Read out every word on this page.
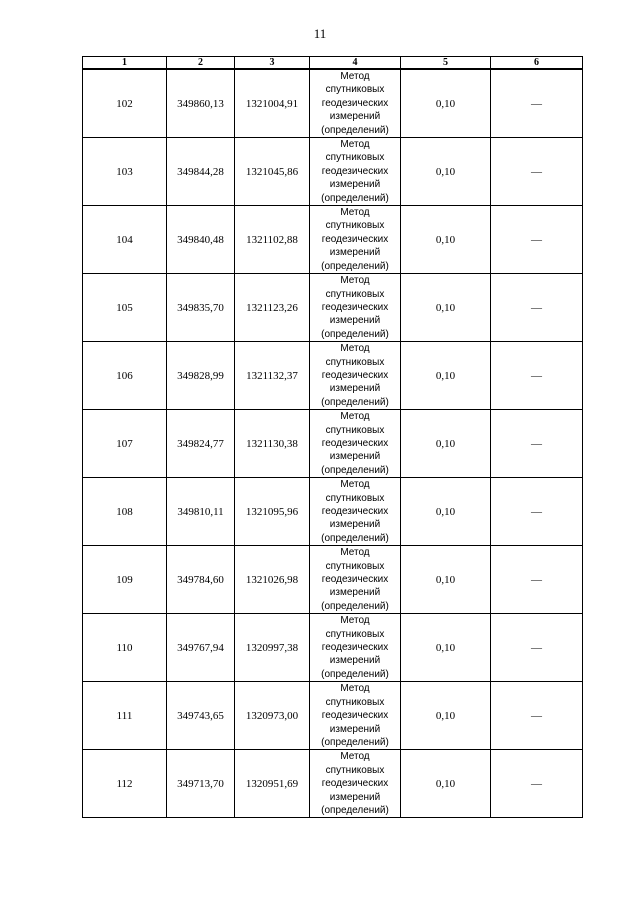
11
1	2	3	4	5	6
102	349860,13	1321004,91	Метод
спутниковых
геодезических
измерений
(определений)	0,10	—
103	349844,28	1321045,86	Метод
спутниковых
геодезических
измерений
(определений)	0,10	—
104	349840,48	1321102,88	Метод
спутниковых
геодезических
измерений
(определений)	0,10	—
105	349835,70	1321123,26	Метод
спутниковых
геодезических
измерений
(определений)	0,10	—
106	349828,99	1321132,37	Метод
спутниковых
геодезических
измерений
(определений)	0,10	—
107	349824,77	1321130,38	Метод
спутниковых
геодезических
измерений
(определений)	0,10	—
108	349810,11	1321095,96	Метод
спутниковых
геодезических
измерений
(определений)	0,10	—
109	349784,60	1321026,98	Метод
спутниковых
геодезических
измерений
(определений)	0,10	—
110	349767,94	1320997,38	Метод
спутниковых
геодезических
измерений
(определений)	0,10	—
111	349743,65	1320973,00	Метод
спутниковых
геодезических
измерений
(определений)	0,10	—
112	349713,70	1320951,69	Метод
спутниковых
геодезических
измерений
(определений)	0,10	—
